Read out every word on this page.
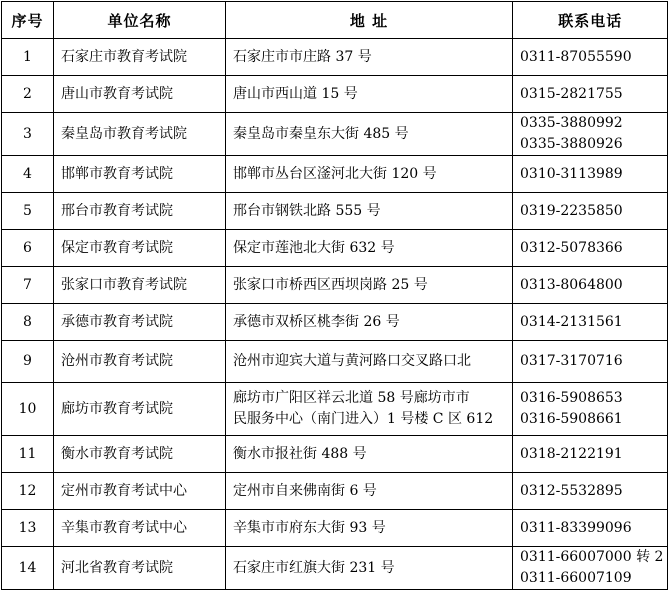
序号	单位名称	地 址	联系电话
1	石家庄市教育考试院	石家庄市市庄路 37 号	0311-87055590

2	唐山市教育考试院	唐山市西山道 15 号	0315-2821755

3	秦皇岛市教育考试院	秦皇岛市秦皇东大街 485 号	0335-3880992
0335-3880926

4	邯郸市教育考试院	邯郸市丛台区滏河北大街 120 号	0310-3113989

5	邢台市教育考试院	邢台市钢铁北路 555 号	0319-2235850

6	保定市教育考试院	保定市莲池北大街 632 号	0312-5078366

7	张家口市教育考试院	张家口市桥西区西坝岗路 25 号	0313-8064800

8	承德市教育考试院	承德市双桥区桃李街 26 号	0314-2131561

9	沧州市教育考试院	沧州市迎宾大道与黄河路口交叉路口北	0317-3170716

10	廊坊市教育考试院	廊坊市广阳区祥云北道 58 号廊坊市市
民服务中心（南门进入）1 号楼 C 区 612	0316-5908653
0316-5908661

11	衡水市教育考试院	衡水市报社街 488 号	0318-2122191

12	定州市教育考试中心	定州市自来佛南街 6 号	0312-5532895

13	辛集市教育考试中心	辛集市市府东大街 93 号	0311-83399096

14	河北省教育考试院	石家庄市红旗大街 231 号	0311-66007000 转 2
0311-66007109
